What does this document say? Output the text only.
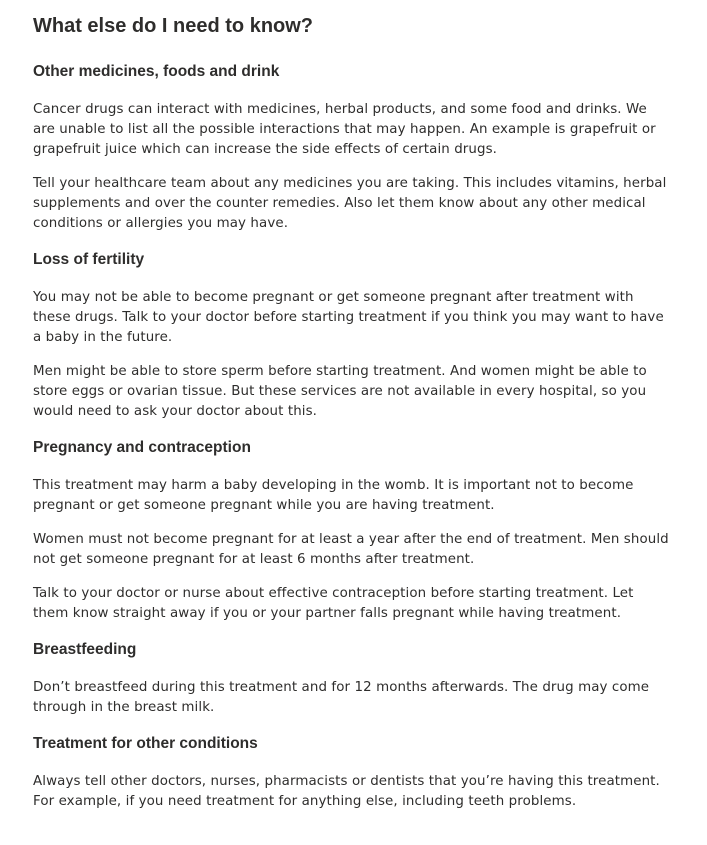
What else do I need to know?
Other medicines, foods and drink

Cancer drugs can interact with medicines, herbal products, and some food and drinks. We are unable to list all the possible interactions that may happen. An example is grapefruit or grapefruit juice which can increase the side effects of certain drugs.

Tell your healthcare team about any medicines you are taking. This includes vitamins, herbal supplements and over the counter remedies. Also let them know about any other medical conditions or allergies you may have.

Loss of fertility

You may not be able to become pregnant or get someone pregnant after treatment with these drugs. Talk to your doctor before starting treatment if you think you may want to have a baby in the future.

Men might be able to store sperm before starting treatment. And women might be able to store eggs or ovarian tissue. But these services are not available in every hospital, so you would need to ask your doctor about this.

Pregnancy and contraception

This treatment may harm a baby developing in the womb. It is important not to become pregnant or get someone pregnant while you are having treatment.

Women must not become pregnant for at least a year after the end of treatment. Men should not get someone pregnant for at least 6 months after treatment.

Talk to your doctor or nurse about effective contraception before starting treatment. Let them know straight away if you or your partner falls pregnant while having treatment.

Breastfeeding

Don’t breastfeed during this treatment and for 12 months afterwards. The drug may come through in the breast milk.

Treatment for other conditions

Always tell other doctors, nurses, pharmacists or dentists that you’re having this treatment. For example, if you need treatment for anything else, including teeth problems.
